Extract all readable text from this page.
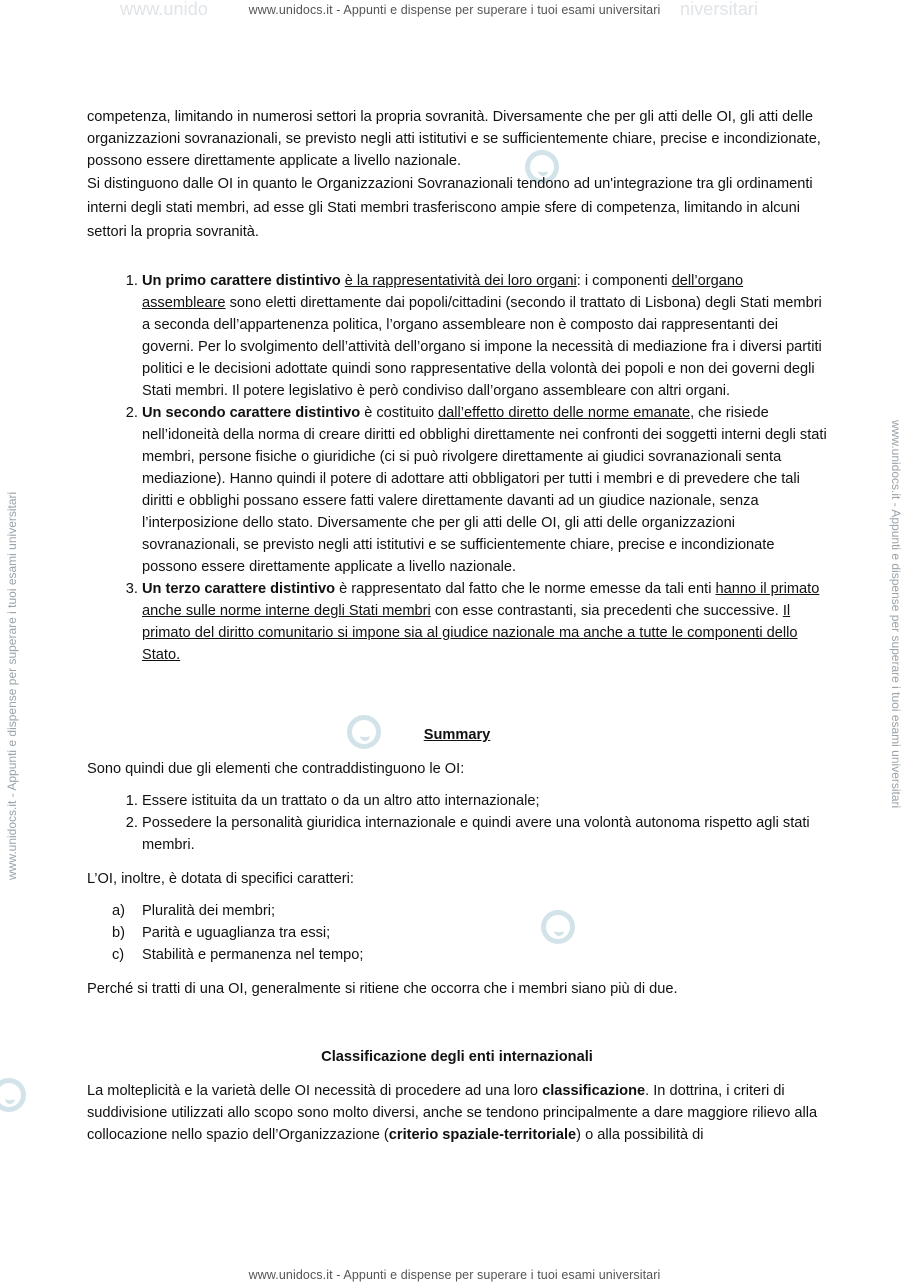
www.unido	www.unidocs.it - Appunti e dispense per superare i tuoi esami universitari niversitari
www.unidocs.it - Appunti e dispense per superare i tuoi esami universitari
www.unidocs.it - Appunti e dispense per superare i tuoi esami universitari	www.unidocs.it - Appunti e dispense per superare i tuoi esami universitari

competenza, limitando in numerosi settori la propria sovranità. Diversamente che per gli atti delle OI, gli atti delle organizzazioni sovranazionali, se previsto negli atti istitutivi e se sufficientemente chiare, precise e incondizionate, possono essere direttamente applicate a livello nazionale.

Si distinguono dalle OI in quanto le Organizzazioni Sovranazionali tendono ad un'integrazione tra gli ordinamenti interni degli stati membri, ad esse gli Stati membri trasferiscono ampie sfere di competenza, limitando in alcuni settori la propria sovranità.

1. Un primo carattere distintivo è la rappresentatività dei loro organi: i componenti dell’organo assembleare sono eletti direttamente dai popoli/cittadini (secondo il trattato di Lisbona) degli Stati membri a seconda dell’appartenenza politica, l’organo assembleare non è composto dai rappresentanti dei governi. Per lo svolgimento dell’attività dell’organo si impone la necessità di mediazione fra i diversi partiti politici e le decisioni adottate quindi sono rappresentative della volontà dei popoli e non dei governi degli Stati membri. Il potere legislativo è però condiviso dall’organo assembleare con altri organi.
2. Un secondo carattere distintivo è costituito dall’effetto diretto delle norme emanate, che risiede nell’idoneità della norma di creare diritti ed obblighi direttamente nei confronti dei soggetti interni degli stati membri, persone fisiche o giuridiche (ci si può rivolgere direttamente ai giudici sovranazionali senta mediazione). Hanno quindi il potere di adottare atti obbligatori per tutti i membri e di prevedere che tali diritti e obblighi possano essere fatti valere direttamente davanti ad un giudice nazionale, senza l’interposizione dello stato. Diversamente che per gli atti delle OI, gli atti delle organizzazioni sovranazionali, se previsto negli atti istitutivi e se sufficientemente chiare, precise e incondizionate possono essere direttamente applicate a livello nazionale.
3. Un terzo carattere distintivo è rappresentato dal fatto che le norme emesse da tali enti hanno il primato anche sulle norme interne degli Stati membri con esse contrastanti, sia precedenti che successive. Il primato del diritto comunitario si impone sia al giudice nazionale ma anche a tutte le componenti dello Stato.
Summary

Sono quindi due gli elementi che contraddistinguono le OI:

1. Essere istituita da un trattato o da un altro atto internazionale;
2. Possedere la personalità giuridica internazionale e quindi avere una volontà autonoma rispetto agli stati membri.

L’OI, inoltre, è dotata di specifici caratteri:

a) Pluralità dei membri;
b) Parità e uguaglianza tra essi;
c) Stabilità e permanenza nel tempo;

Perché si tratti di una OI, generalmente si ritiene che occorra che i membri siano più di due.

Classificazione degli enti internazionali

La molteplicità e la varietà delle OI necessità di procedere ad una loro classificazione. In dottrina, i criteri di suddivisione utilizzati allo scopo sono molto diversi, anche se tendono principalmente a dare maggiore rilievo alla collocazione nello spazio dell’Organizzazione (criterio spaziale-territoriale) o alla possibilità di
